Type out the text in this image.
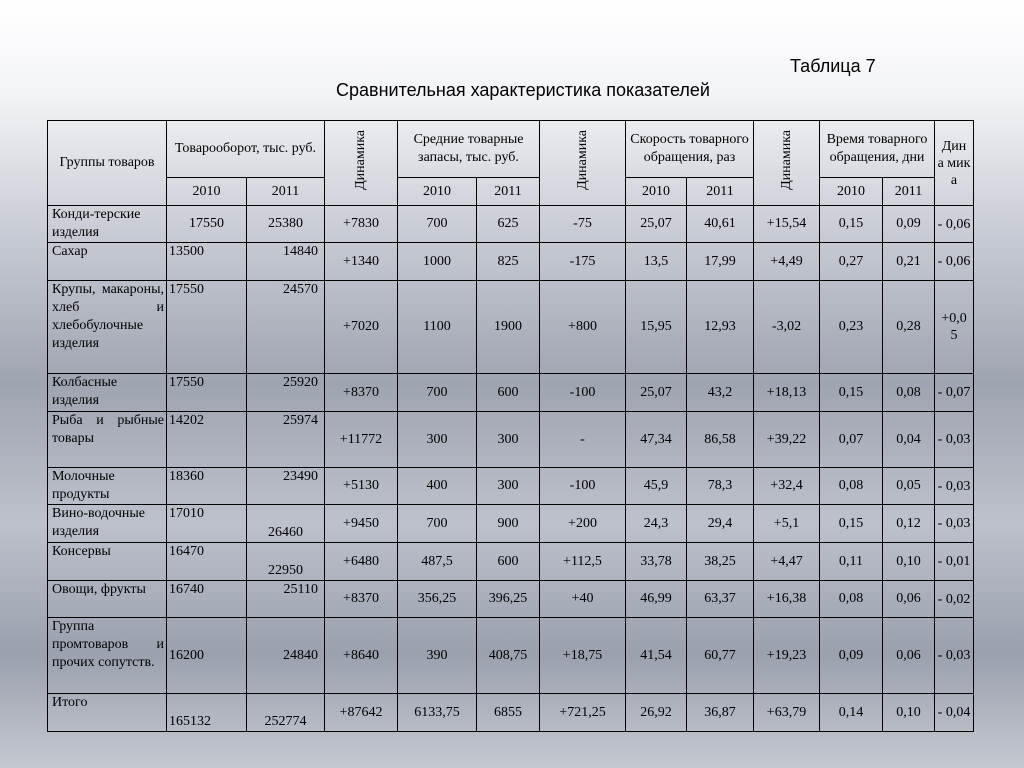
Таблица 7
Сравнительная характеристика показателей
Группы товаров	Товарооборот, тыс. руб.		Динамика	Средние товарные запасы, тыс. руб.		Динамика	Скорость товарного обращения, раз		Динамика	Время товарного обращения, дни		Дин а мик а
	2010	2011		2010	2011		2010	2011		2010	2011	
Конди-терские изделия	17550	25380	+7830	700	625	-75	25,07	40,61	+15,54	0,15	0,09	- 0,06
Сахар	13500	14840	+1340	1000	825	-175	13,5	17,99	+4,49	0,27	0,21	- 0,06
Крупы, макароны, хлеб и хлебобулочные изделия	17550	24570	+7020	1100	1900	+800	15,95	12,93	-3,02	0,23	0,28	+0,0 5
Колбасные изделия	17550	25920	+8370	700	600	-100	25,07	43,2	+18,13	0,15	0,08	- 0,07
Рыба и рыбные товары	14202	25974	+11772	300	300	-	47,34	86,58	+39,22	0,07	0,04	- 0,03
Молочные продукты	18360	23490	+5130	400	300	-100	45,9	78,3	+32,4	0,08	0,05	- 0,03
Вино-водочные изделия	17010	26460	+9450	700	900	+200	24,3	29,4	+5,1	0,15	0,12	- 0,03
Консервы	16470	22950	+6480	487,5	600	+112,5	33,78	38,25	+4,47	0,11	0,10	- 0,01
Овощи, фрукты	16740	25110	+8370	356,25	396,25	+40	46,99	63,37	+16,38	0,08	0,06	- 0,02
Группа промтоваров и прочих сопутств.	16200	24840	+8640	390	408,75	+18,75	41,54	60,77	+19,23	0,09	0,06	- 0,03
Итого	165132	252774	+87642	6133,75	6855	+721,25	26,92	36,87	+63,79	0,14	0,10	- 0,04
